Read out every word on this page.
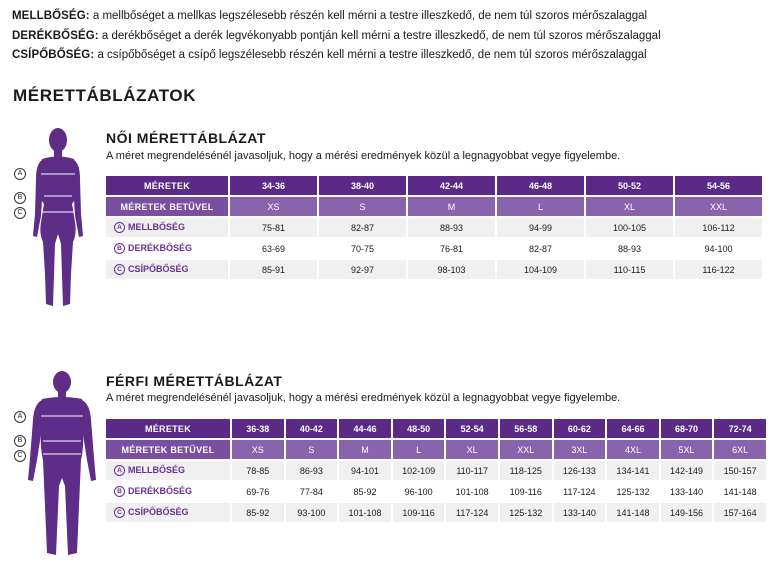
MELLBŐSÉG: a mellbőséget a mellkas legszélesebb részén kell mérni a testre illeszkedő, de nem túl szoros mérőszalaggal
DERÉKBŐSÉG: a derékbőséget a derék legvékonyabb pontján kell mérni a testre illeszkedő, de nem túl szoros mérőszalaggal
CSÍPŐBŐSÉG: a csípőbőséget a csípő legszélesebb részén kell mérni a testre illeszkedő, de nem túl szoros mérőszalaggal
MÉRETTÁBLÁZATOK
A
B
C
NŐI MÉRETTÁBLÁZAT

A méret megrendelésénél javasoljuk, hogy a mérési eredmények közül a legnagyobbat vegye figyelembe.

MÉRETEK	34-36	38-40	42-44	46-48	50-52	54-56
MÉRETEK BETŰVEL	XS	S	M	L	XL	XXL
A MELLBŐSÉG	75-81	82-87	88-93	94-99	100-105	106-112
B DERÉKBŐSÉG	63-69	70-75	76-81	82-87	88-93	94-100
C CSÍPŐBŐSÉG	85-91	92-97	98-103	104-109	110-115	116-122
A
B
C
FÉRFI MÉRETTÁBLÁZAT

A méret megrendelésénél javasoljuk, hogy a mérési eredmények közül a legnagyobbat vegye figyelembe.

MÉRETEK	36-38	40-42	44-46	48-50	52-54	56-58	60-62	64-66	68-70	72-74
MÉRETEK BETŰVEL	XS	S	M	L	XL	XXL	3XL	4XL	5XL	6XL
A MELLBŐSÉG	78-85	86-93	94-101	102-109	110-117	118-125	126-133	134-141	142-149	150-157
B DERÉKBŐSÉG	69-76	77-84	85-92	96-100	101-108	109-116	117-124	125-132	133-140	141-148
C CSÍPŐBŐSÉG	85-92	93-100	101-108	109-116	117-124	125-132	133-140	141-148	149-156	157-164
